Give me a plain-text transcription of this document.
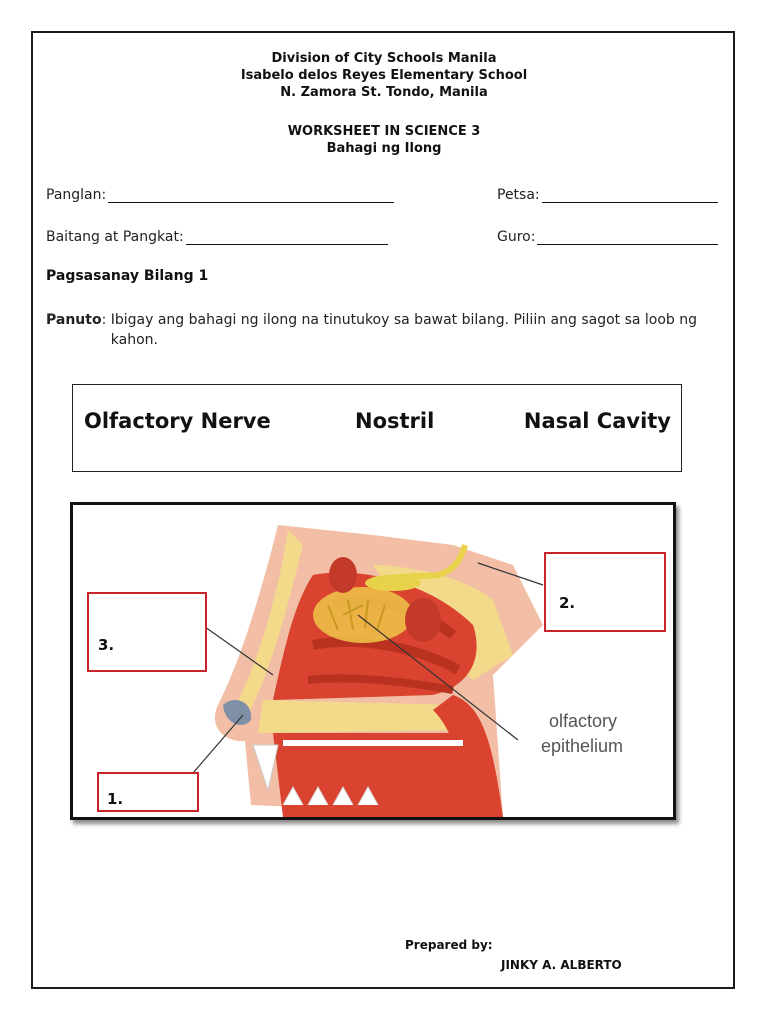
Division of City Schools Manila
Isabelo delos Reyes Elementary School
N. Zamora St. Tondo, Manila
WORKSHEET IN SCIENCE 3
Bahagi ng Ilong
Panglan:	Petsa:
Baitang at Pangkat:	Guro:
Pagsasanay Bilang 1
Panuto: Ibigay ang bahagi ng ilong na tinutukoy sa bawat bilang. Piliin ang sagot sa loob ng kahon.
Olfactory Nerve	Nostril	Nasal Cavity
3.
2.
1.
olfactory
epithelium
Prepared by:
JINKY A. ALBERTO
